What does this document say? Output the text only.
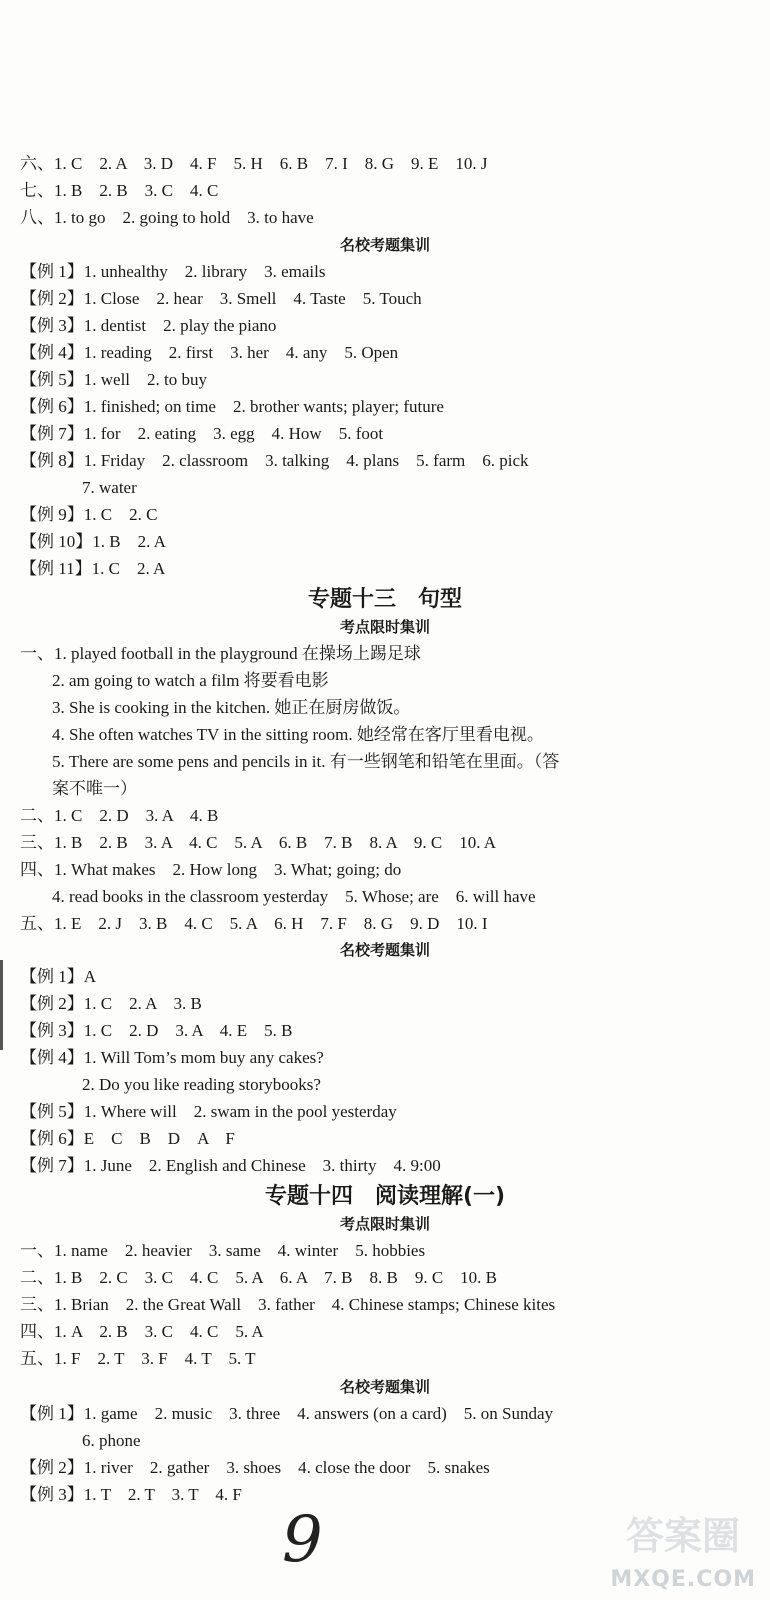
六、1. C　2. A　3. D　4. F　5. H　6. B　7. I　8. G　9. E　10. J
七、1. B　2. B　3. C　4. C
八、1. to go　2. going to hold　3. to have
名校考题集训
【例 1】1. unhealthy　2. library　3. emails
【例 2】1. Close　2. hear　3. Smell　4. Taste　5. Touch
【例 3】1. dentist　2. play the piano
【例 4】1. reading　2. first　3. her　4. any　5. Open
【例 5】1. well　2. to buy
【例 6】1. finished; on time　2. brother wants; player; future
【例 7】1. for　2. eating　3. egg　4. How　5. foot
【例 8】1. Friday　2. classroom　3. talking　4. plans　5. farm　6. pick
7. water
【例 9】1. C　2. C
【例 10】1. B　2. A
【例 11】1. C　2. A
专题十三　句型
考点限时集训
一、1. played football in the playground 在操场上踢足球
2. am going to watch a film 将要看电影
3. She is cooking in the kitchen. 她正在厨房做饭。
4. She often watches TV in the sitting room. 她经常在客厅里看电视。
5. There are some pens and pencils in it. 有一些钢笔和铅笔在里面。（答
案不唯一）
二、1. C　2. D　3. A　4. B
三、1. B　2. B　3. A　4. C　5. A　6. B　7. B　8. A　9. C　10. A
四、1. What makes　2. How long　3. What; going; do
4. read books in the classroom yesterday　5. Whose; are　6. will have
五、1. E　2. J　3. B　4. C　5. A　6. H　7. F　8. G　9. D　10. I
名校考题集训
【例 1】A
【例 2】1. C　2. A　3. B
【例 3】1. C　2. D　3. A　4. E　5. B
【例 4】1. Will Tom’s mom buy any cakes?
2. Do you like reading storybooks?
【例 5】1. Where will　2. swam in the pool yesterday
【例 6】E　C　B　D　A　F
【例 7】1. June　2. English and Chinese　3. thirty　4. 9:00
专题十四　阅读理解(一)
考点限时集训
一、1. name　2. heavier　3. same　4. winter　5. hobbies
二、1. B　2. C　3. C　4. C　5. A　6. A　7. B　8. B　9. C　10. B
三、1. Brian　2. the Great Wall　3. father　4. Chinese stamps; Chinese kites
四、1. A　2. B　3. C　4. C　5. A
五、1. F　2. T　3. F　4. T　5. T
名校考题集训
【例 1】1. game　2. music　3. three　4. answers (on a card)　5. on Sunday
6. phone
【例 2】1. river　2. gather　3. shoes　4. close the door　5. snakes
【例 3】1. T　2. T　3. T　4. F
9	答案圈
MXQE.COM
